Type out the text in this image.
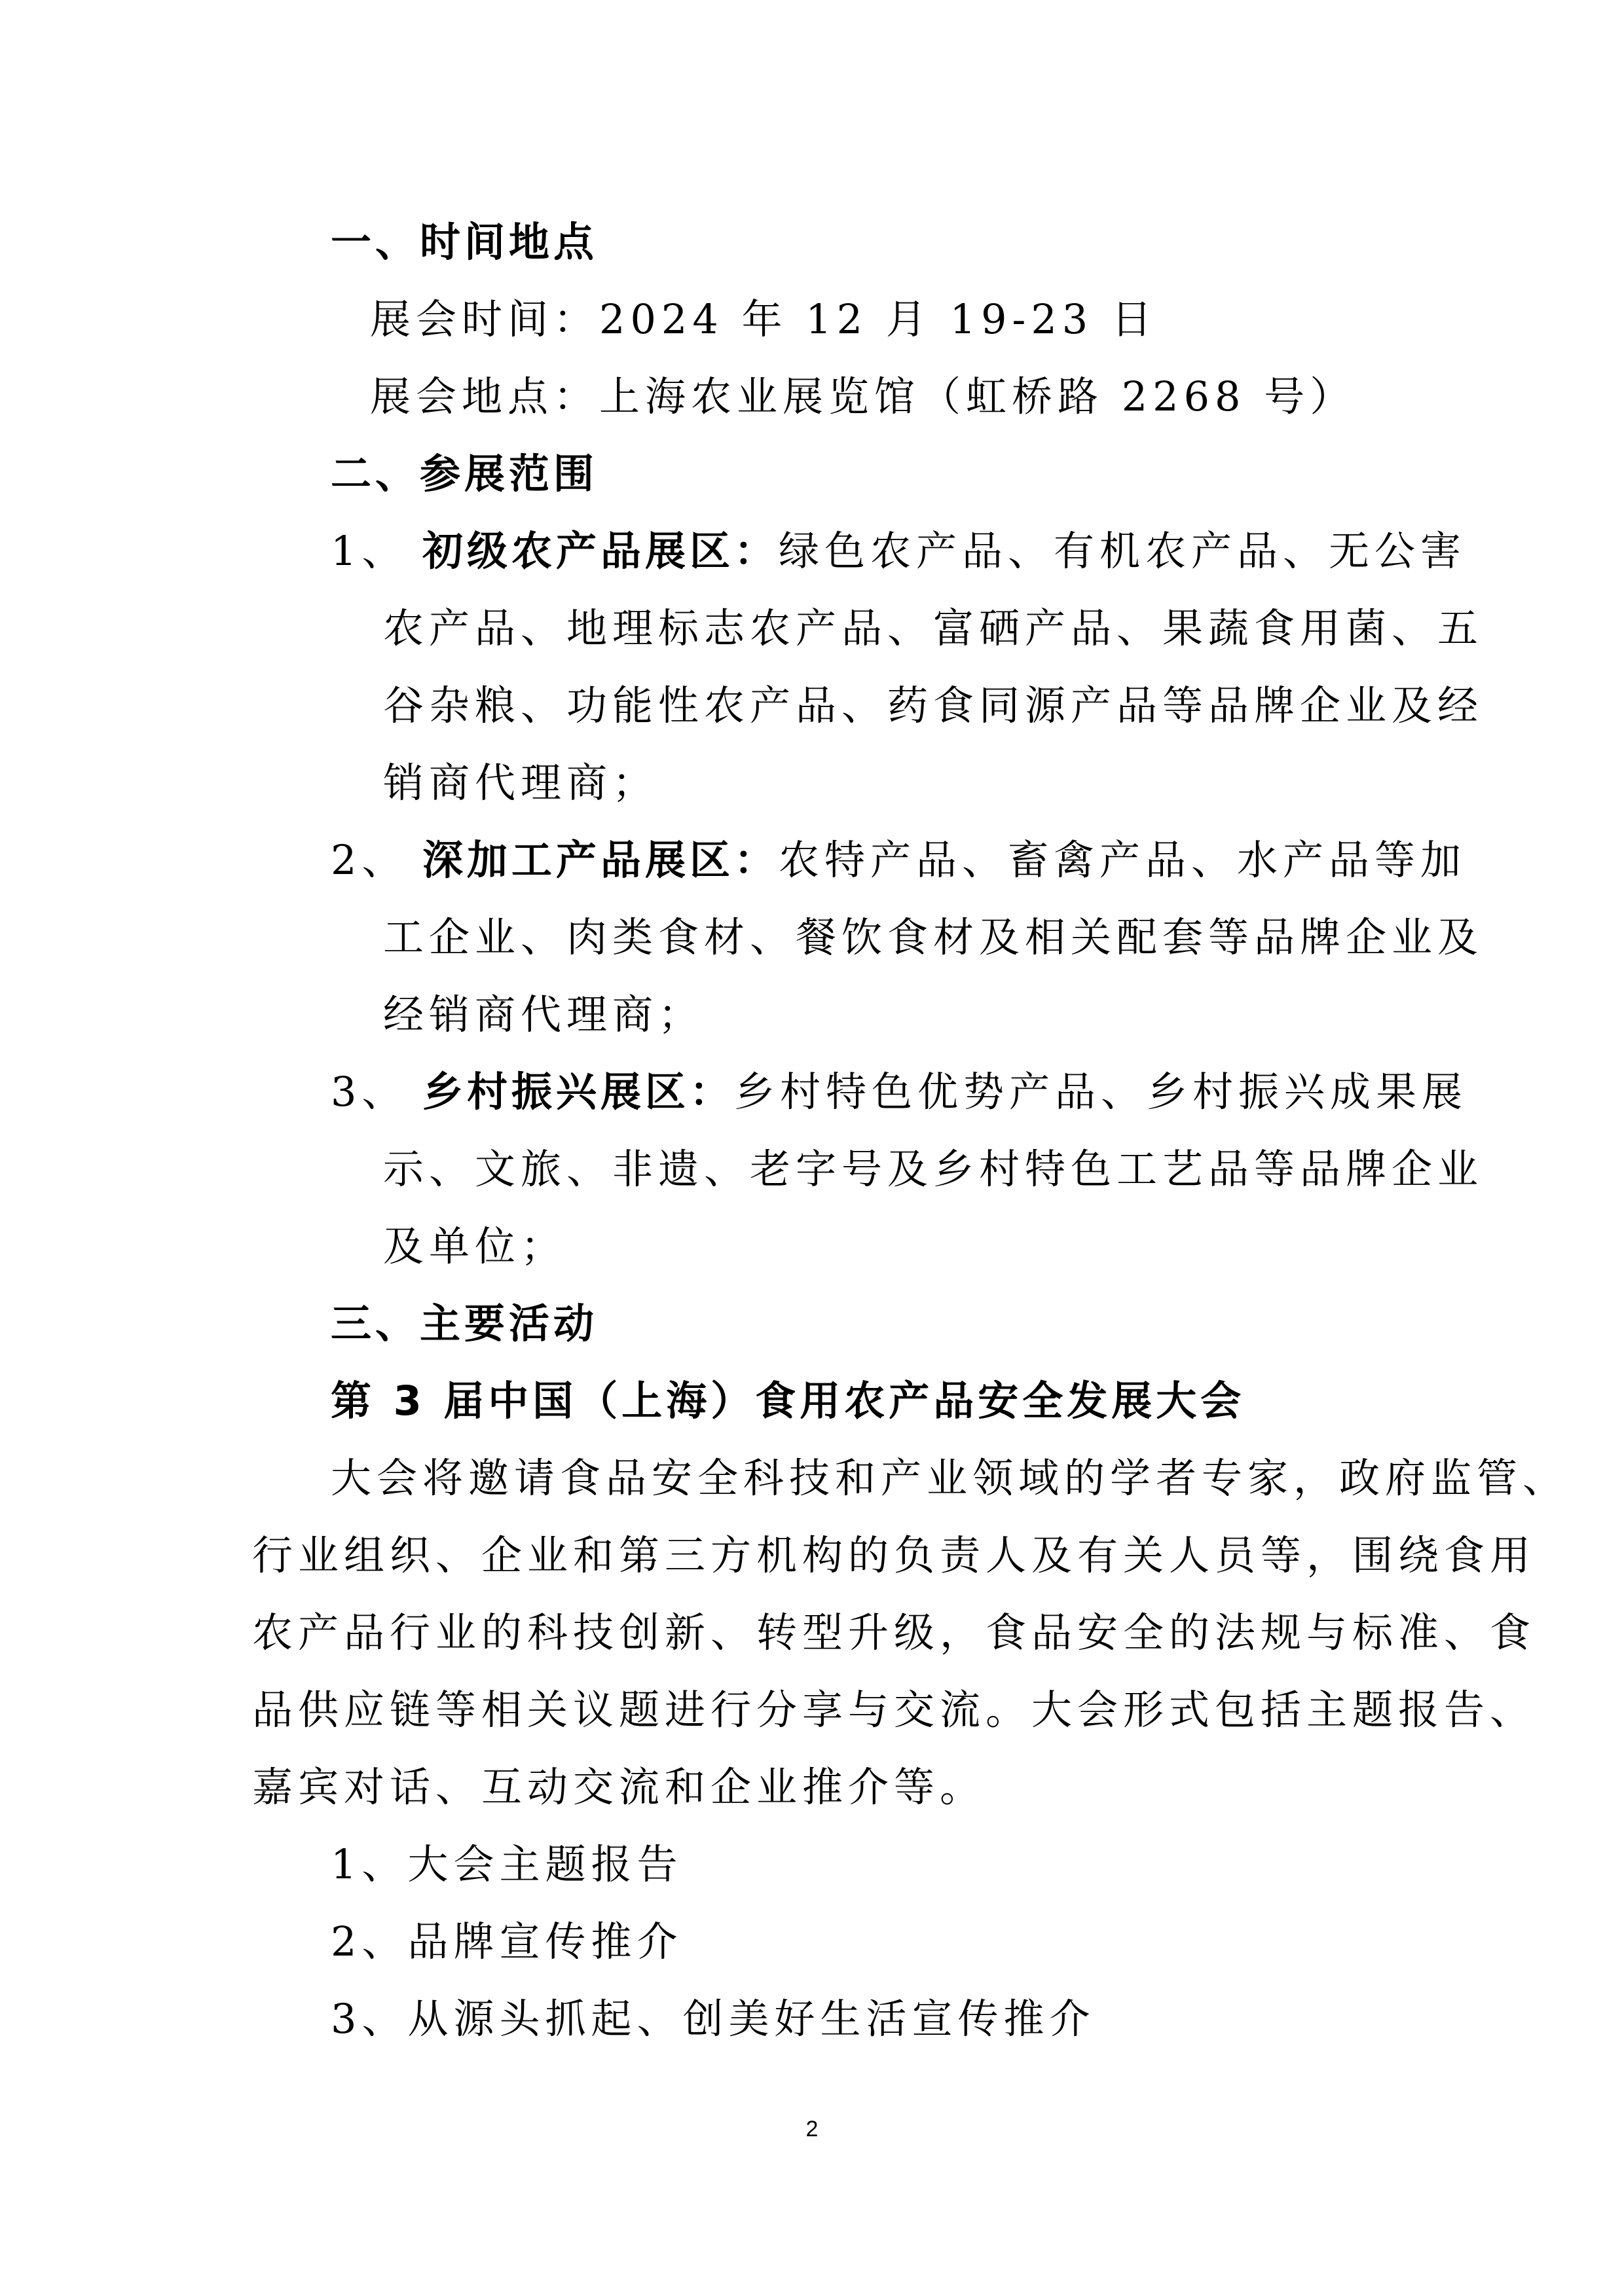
一、时间地点
展会时间：2024 年 12 月 19-23 日
展会地点：上海农业展览馆（虹桥路 2268 号）
二、参展范围
1、 初级农产品展区：绿色农产品、有机农产品、无公害
农产品、地理标志农产品、富硒产品、果蔬食用菌、五
谷杂粮、功能性农产品、药食同源产品等品牌企业及经
销商代理商；
2、 深加工产品展区：农特产品、畜禽产品、水产品等加
工企业、肉类食材、餐饮食材及相关配套等品牌企业及
经销商代理商；
3、 乡村振兴展区：乡村特色优势产品、乡村振兴成果展
示、文旅、非遗、老字号及乡村特色工艺品等品牌企业
及单位；
三、主要活动
第 3 届中国（上海）食用农产品安全发展大会
大会将邀请食品安全科技和产业领域的学者专家，政府监管、
行业组织、企业和第三方机构的负责人及有关人员等，围绕食用
农产品行业的科技创新、转型升级，食品安全的法规与标准、食
品供应链等相关议题进行分享与交流。大会形式包括主题报告、
嘉宾对话、互动交流和企业推介等。
1、大会主题报告
2、品牌宣传推介
3、从源头抓起、创美好生活宣传推介
2
